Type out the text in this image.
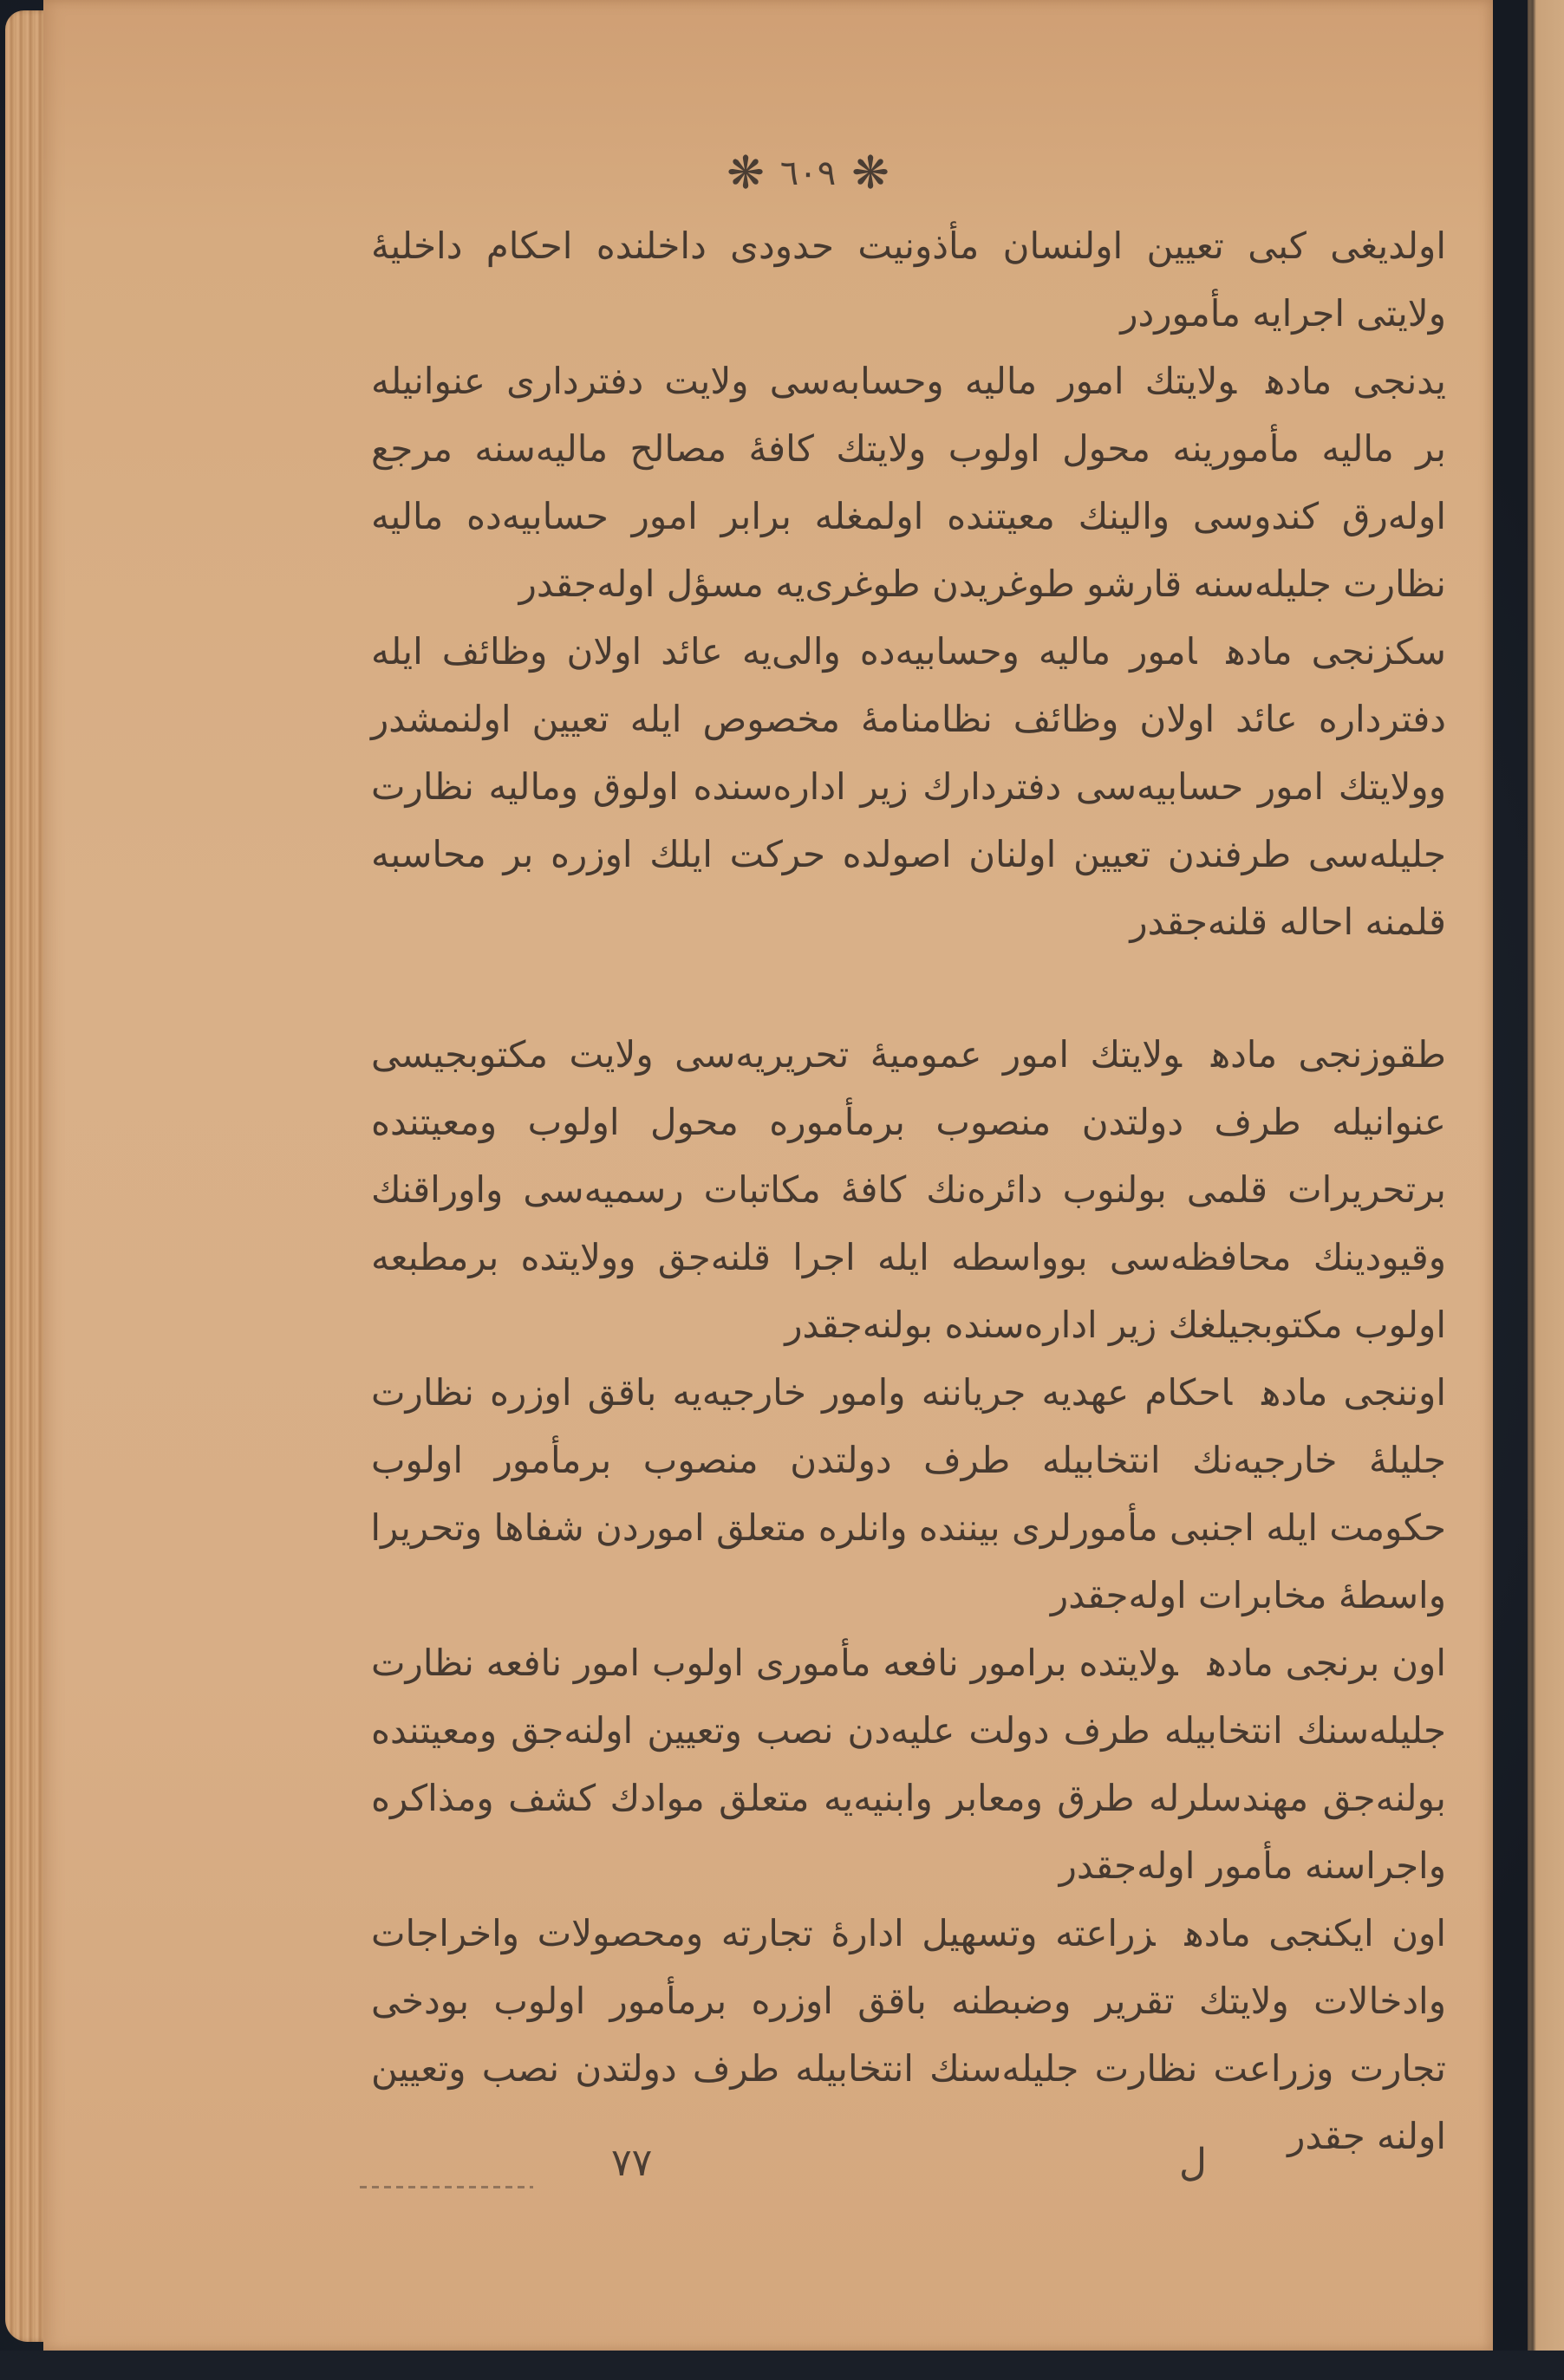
❋ ٦٠٩ ❋
اولدیغی کبی تعیین اولنسان مأذونیت حدودی داخلنده احکام داخلیهٔ
ولایتی اجرایه مأموردر
یدنجی مادهولایتك امور مالیه وحسابه‌سی ولایت دفترداری عنوانیله
بر مالیه مأمورینه محول اولوب ولایتك کافهٔ مصالح مالیه‌سنه مرجع
اولەرق کندوسی والینك معیتنده اولمغله برابر امور حسابیه‌ده مالیه
نظارت جلیله‌سنه قارشو طوغریدن طوغری‌یه مسؤل اولەجقدر
سکزنجی مادهامور مالیه وحسابیه‌ده والی‌یه عائد اولان وظائف ایله
دفترداره عائد اولان وظائف نظامنامهٔ مخصوص ایله تعیین اولنمشدر
وولایتك امور حسابیه‌سی دفتردارك زیر اداره‌سنده اولوق ومالیه نظارت
جلیله‌سی طرفندن تعیین اولنان اصولده حرکت ایلك اوزره بر محاسبه
قلمنه احاله قلنه‌جقدر
طقوزنجی مادهولایتك امور عمومیهٔ تحریریه‌سی ولایت مکتوبجیسی
عنوانیله طرف دولتدن منصوب برمأموره محول اولوب ومعیتنده
برتحریرات قلمی بولنوب دائره‌نك کافهٔ مکاتبات رسمیه‌سی واوراقنك
وقیودینك محافظه‌سی بوواسطه ایله اجرا قلنه‌جق وولایتده برمطبعه
اولوب مکتوبجیلغك زیر اداره‌سنده بولنه‌جقدر
اوننجی مادهاحکام عهدیه جریاننه وامور خارجیه‌یه باقق اوزره نظارت
جلیلهٔ خارجیه‌نك انتخابیله طرف دولتدن منصوب برمأمور اولوب
حکومت ایله اجنبی مأمورلری بیننده وانلره متعلق اموردن شفاها وتحریرا
واسطهٔ مخابرات اوله‌جقدر
اون برنجی مادهولایتده برامور نافعه مأموری اولوب امور نافعه نظارت
جلیله‌سنك انتخابیله طرف دولت علیه‌دن نصب وتعیین اولنه‌جق ومعیتنده
بولنه‌جق مهندسلرله طرق ومعابر وابنیه‌یه متعلق موادك کشف ومذاکره
واجراسنه مأمور اوله‌جقدر
اون ایکنجی مادهزراعته وتسهیل ادارهٔ تجارته ومحصولات واخراجات
وادخالات ولایتك تقریر وضبطنه باقق اوزره برمأمور اولوب بودخی
تجارت وزراعت نظارت جلیله‌سنك انتخابیله طرف دولتدن نصب وتعیین
اولنه جقدر
٧٧	ل
